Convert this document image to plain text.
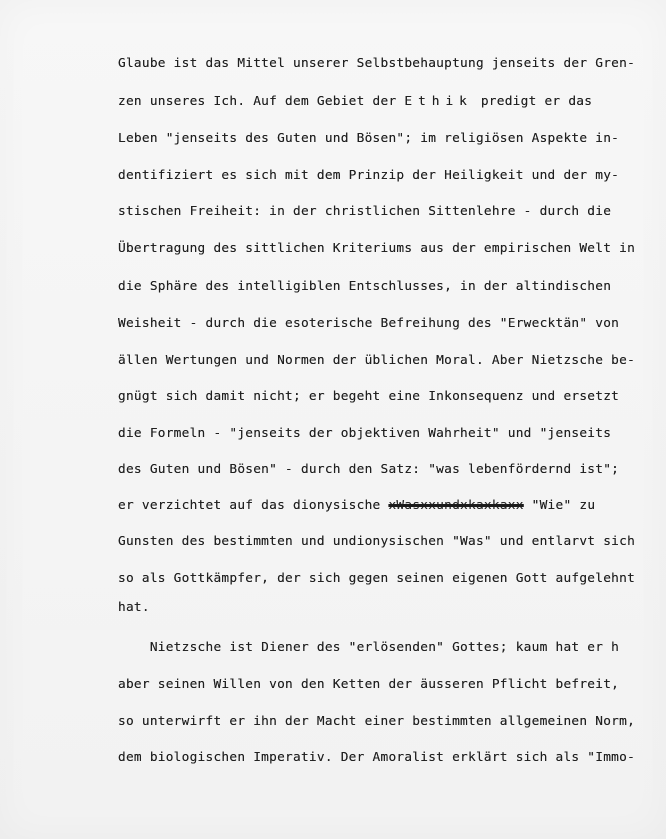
Glaube ist das Mittel unserer Selbstbehauptung jenseits der Gren-
zen unseres Ich. Auf dem Gebiet der Ethik predigt er das
Leben "jenseits des Guten und Bösen"; im religiösen Aspekte in-
dentifiziert es sich mit dem Prinzip der Heiligkeit und der my-
stischen Freiheit: in der christlichen Sittenlehre - durch die
Übertragung des sittlichen Kriteriums aus der empirischen Welt in
die Sphäre des intelligiblen Entschlusses, in der altindischen
Weisheit - durch die esoterische Befreihung des "Erwecktän" von
ällen Wertungen und Normen der üblichen Moral. Aber Nietzsche be-
gnügt sich damit nicht; er begeht eine Inkonsequenz und ersetzt
die Formeln - "jenseits der objektiven Wahrheit" und "jenseits
des Guten und Bösen" - durch den Satz: "was lebenfördernd ist";
er verzichtet auf das dionysische xWasxxundxkaxkaxx "Wie" zu
Gunsten des bestimmten und undionysischen "Was" und entlarvt sich
so als Gottkämpfer, der sich gegen seinen eigenen Gott aufgelehnt
hat.
Nietzsche ist Diener des "erlösenden" Gottes; kaum hat er h
aber seinen Willen von den Ketten der äusseren Pflicht befreit,
so unterwirft er ihn der Macht einer bestimmten allgemeinen Norm,
dem biologischen Imperativ. Der Amoralist erklärt sich als "Immo-
